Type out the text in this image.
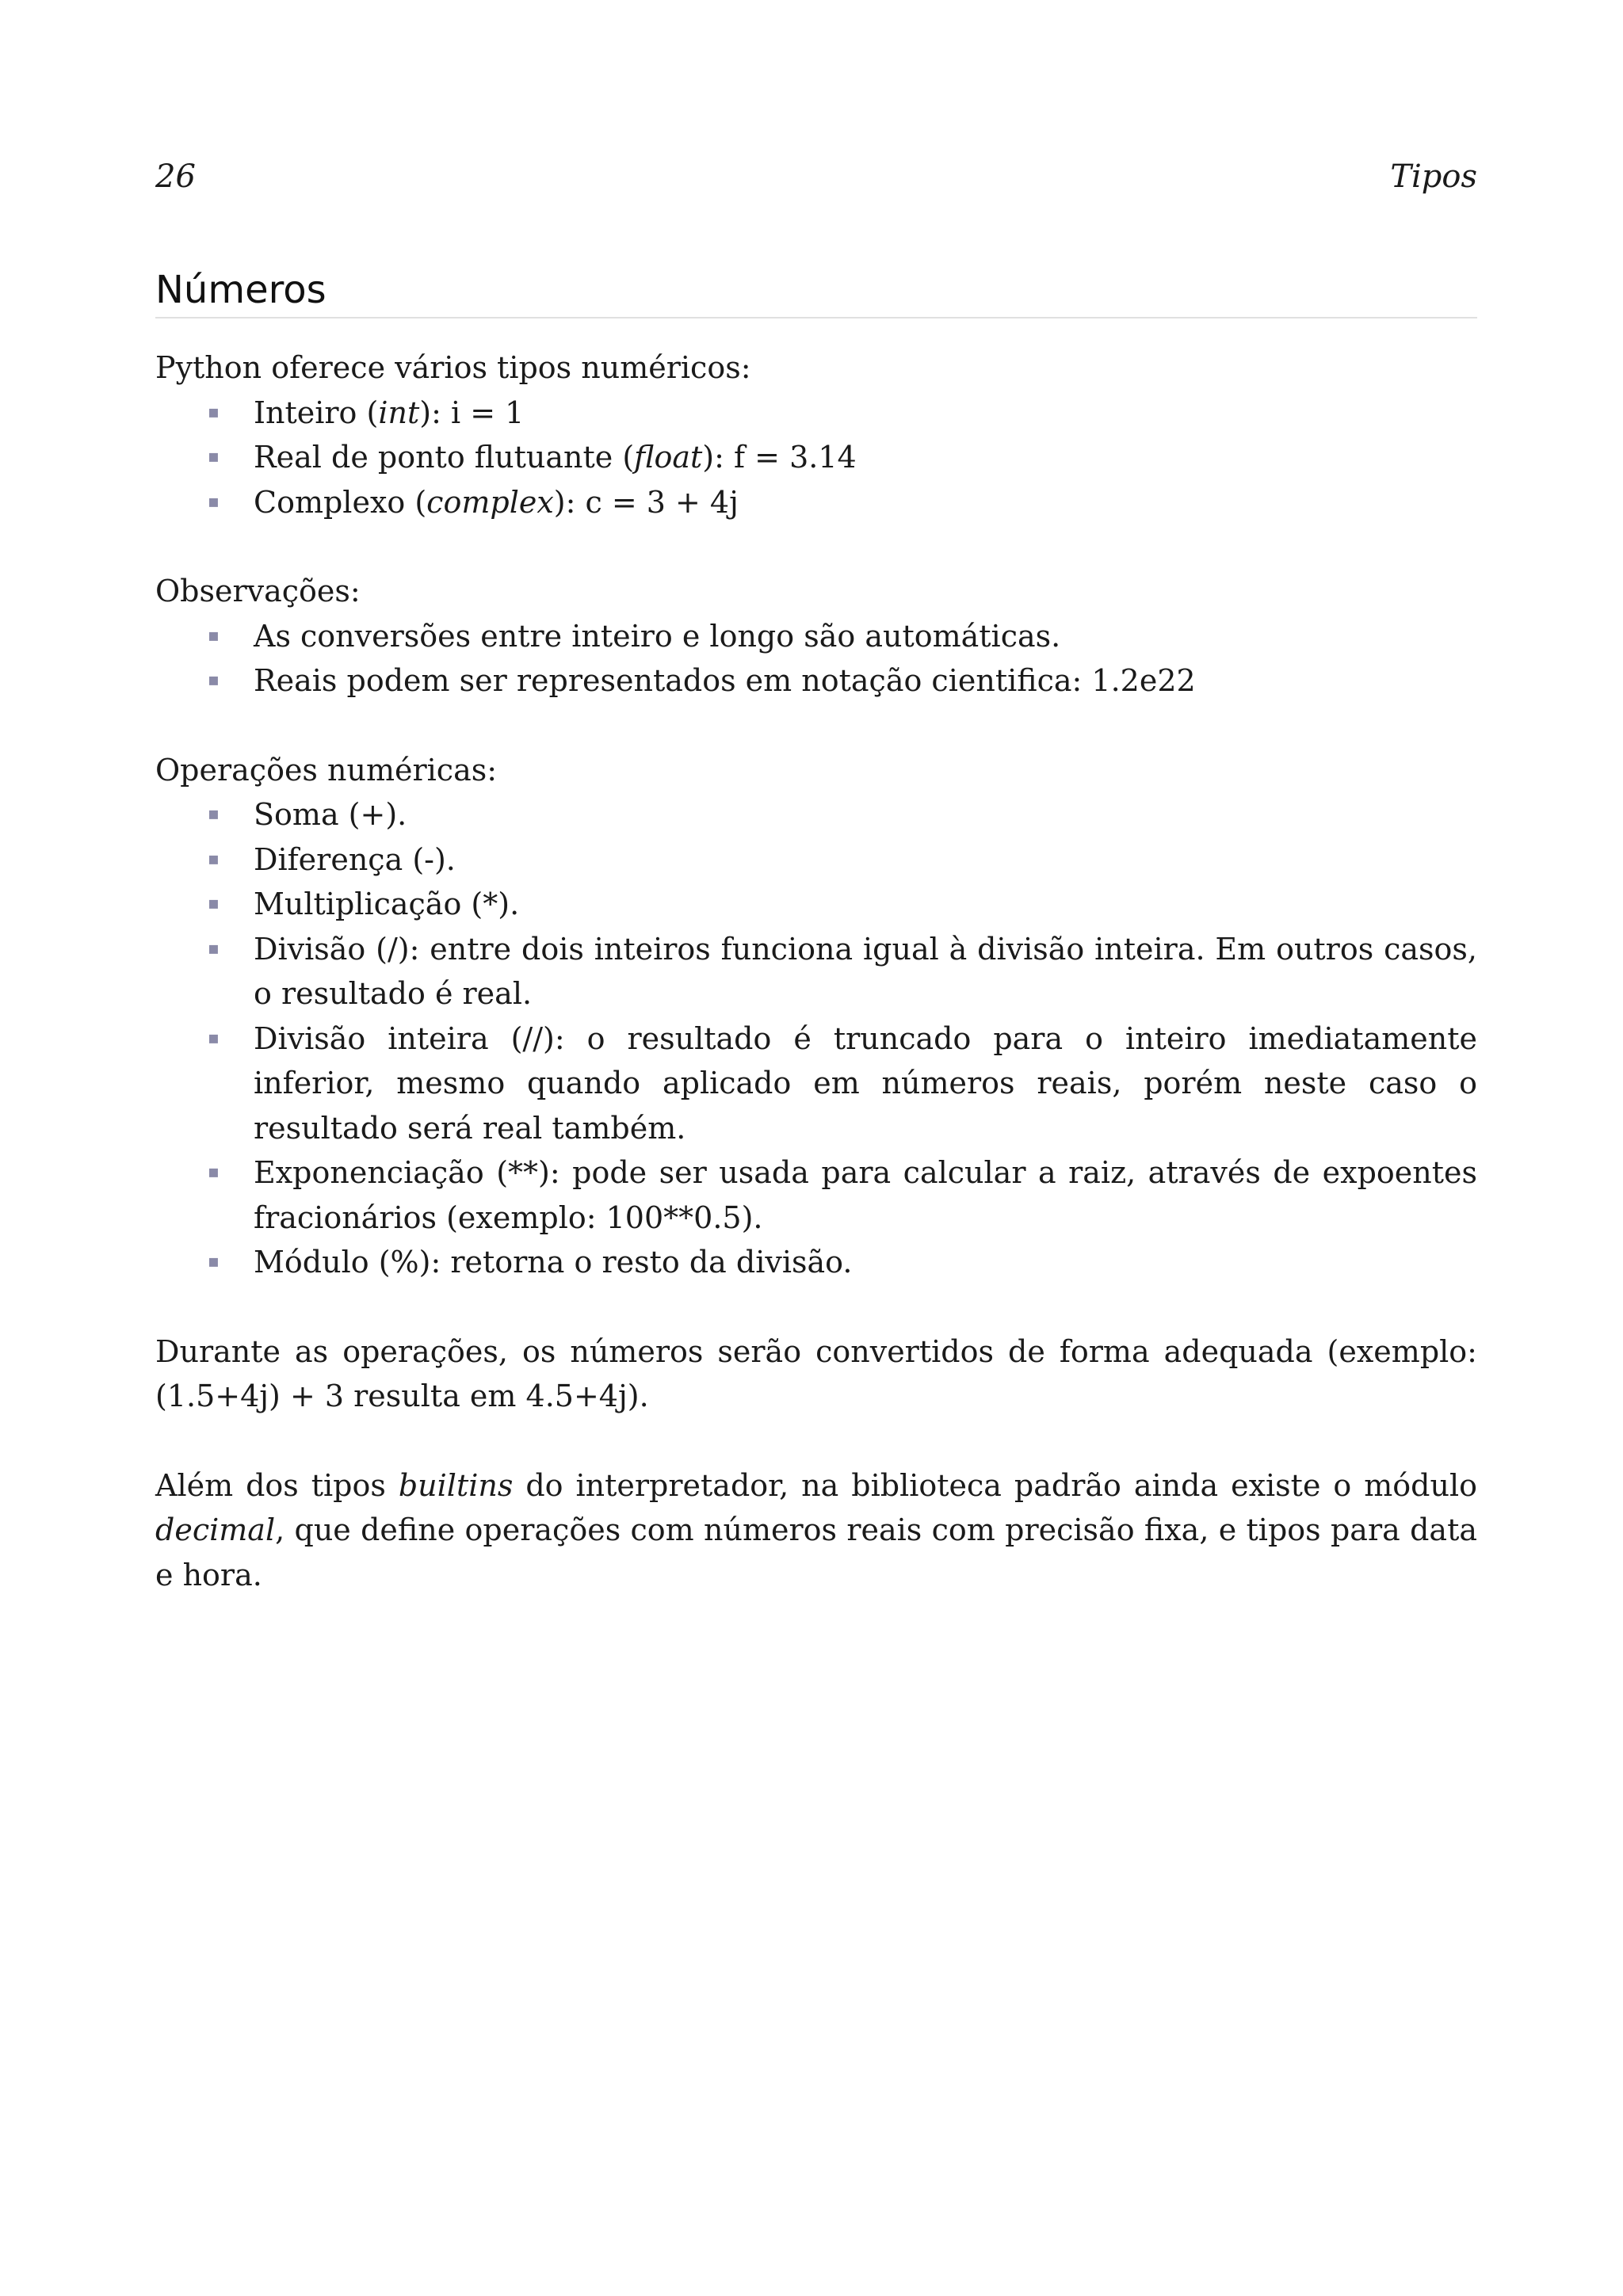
26	Tipos
Números

Python oferece vários tipos numéricos:

▪ Inteiro (int): i = 1
▪ Real de ponto flutuante (float): f = 3.14
▪ Complexo (complex): c = 3 + 4j

Observações:

▪ As conversões entre inteiro e longo são automáticas.
▪ Reais podem ser representados em notação cientifica: 1.2e22

Operações numéricas:

▪ Soma (+).
▪ Diferença (-).
▪ Multiplicação (*).
▪ Divisão (/): entre dois inteiros funciona igual à divisão inteira. Em outros casos, o resultado é real.
▪ Divisão inteira (//): o resultado é truncado para o inteiro imediatamente inferior, mesmo quando aplicado em números reais, porém neste caso o resultado será real também.
▪ Exponenciação (**): pode ser usada para calcular a raiz, através de expoentes fracionários (exemplo: 100**0.5).
▪ Módulo (%): retorna o resto da divisão.

Durante as operações, os números serão convertidos de forma adequada (exemplo: (1.5+4j) + 3 resulta em 4.5+4j).

Além dos tipos builtins do interpretador, na biblioteca padrão ainda existe o módulo decimal, que define operações com números reais com precisão fixa, e tipos para data e hora.
